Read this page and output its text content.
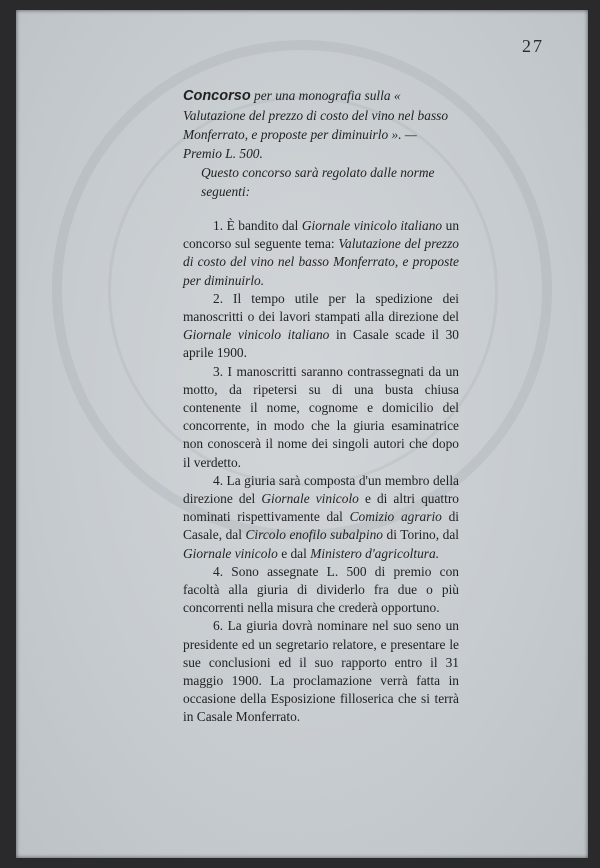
27
Concorso per una monografia sulla « Valutazione del prezzo di costo del vino nel basso Monferrato, e proposte per diminuirlo ». — Premio L. 500.
Questo concorso sarà regolato dalle norme seguenti:

1. È bandito dal Giornale vinicolo italiano un concorso sul seguente tema: Valutazione del prezzo di costo del vino nel basso Monferrato, e proposte per diminuirlo.

2. Il tempo utile per la spedizione dei manoscritti o dei lavori stampati alla direzione del Giornale vinicolo italiano in Casale scade il 30 aprile 1900.

3. I manoscritti saranno contrassegnati da un motto, da ripetersi su di una busta chiusa contenente il nome, cognome e domicilio del concorrente, in modo che la giuria esaminatrice non conoscerà il nome dei singoli autori che dopo il verdetto.

4. La giuria sarà composta d'un membro della direzione del Giornale vinicolo e di altri quattro nominati rispettivamente dal Comizio agrario di Casale, dal Circolo enofilo subalpino di Torino, dal Giornale vinicolo e dal Ministero d'agricoltura.

4. Sono assegnate L. 500 di premio con facoltà alla giuria di dividerlo fra due o più concorrenti nella misura che crederà opportuno.

6. La giuria dovrà nominare nel suo seno un presidente ed un segretario relatore, e presentare le sue conclusioni ed il suo rapporto entro il 31 maggio 1900. La proclamazione verrà fatta in occasione della Esposizione filloserica che si terrà in Casale Monferrato.
